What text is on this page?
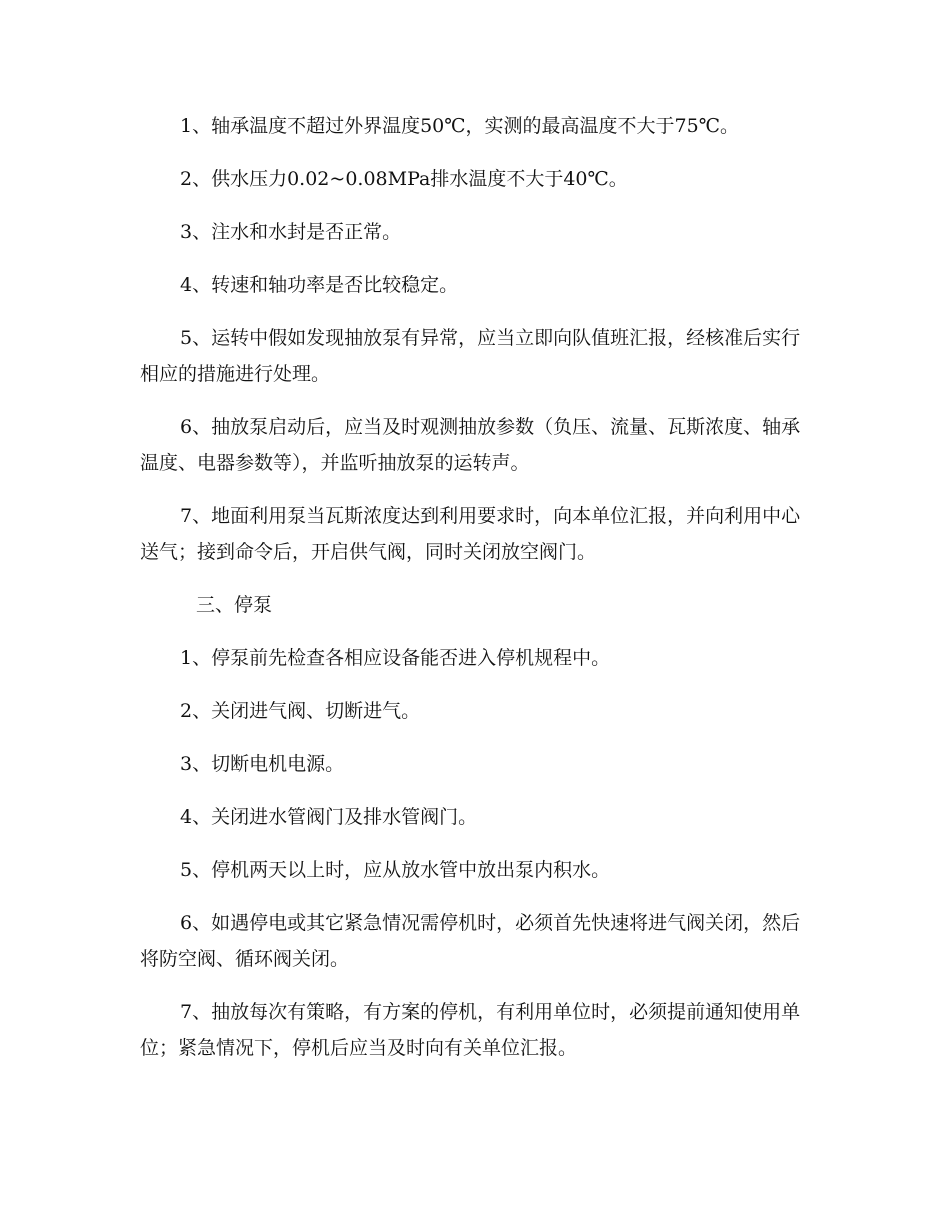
1、轴承温度不超过外界温度50℃，实测的最高温度不大于75℃。

2、供水压力0.02~0.08MPa排水温度不大于40℃。

3、注水和水封是否正常。

4、转速和轴功率是否比较稳定。

5、运转中假如发现抽放泵有异常，应当立即向队值班汇报，经核准后实行相应的措施进行处理。

6、抽放泵启动后，应当及时观测抽放参数（负压、流量、瓦斯浓度、轴承温度、电器参数等），并监听抽放泵的运转声。

7、地面利用泵当瓦斯浓度达到利用要求时，向本单位汇报，并向利用中心送气；接到命令后，开启供气阀，同时关闭放空阀门。

三、停泵

1、停泵前先检查各相应设备能否进入停机规程中。

2、关闭进气阀、切断进气。

3、切断电机电源。

4、关闭进水管阀门及排水管阀门。

5、停机两天以上时，应从放水管中放出泵内积水。

6、如遇停电或其它紧急情况需停机时，必须首先快速将进气阀关闭，然后将防空阀、循环阀关闭。

7、抽放每次有策略，有方案的停机，有利用单位时，必须提前通知使用单位；紧急情况下，停机后应当及时向有关单位汇报。
